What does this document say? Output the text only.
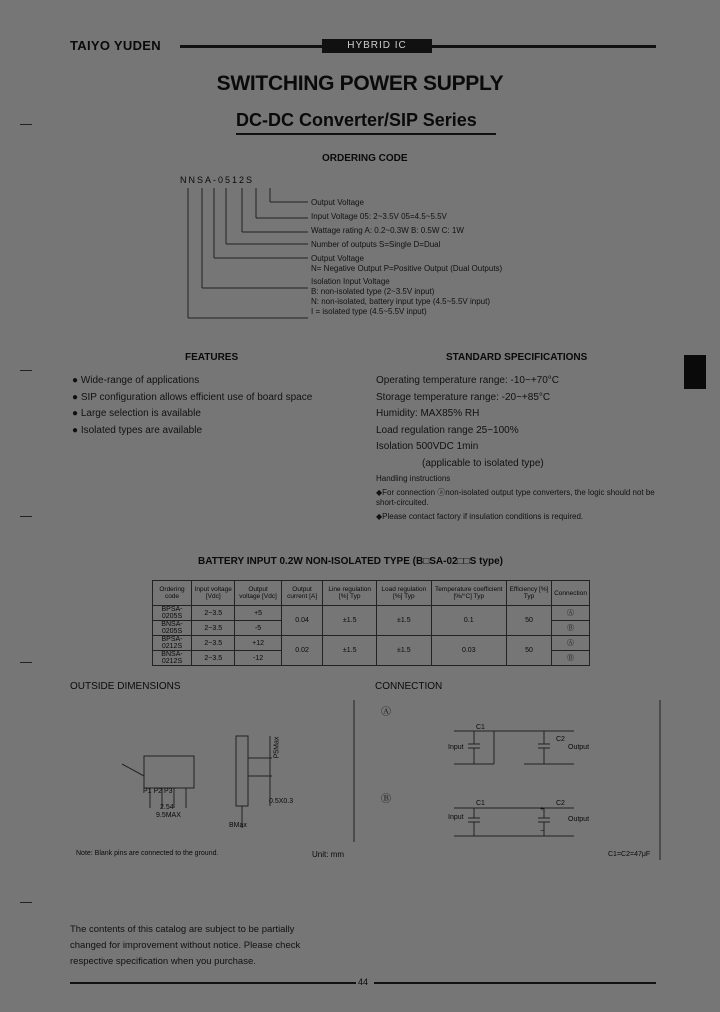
TAIYO YUDEN	HYBRID IC
SWITCHING POWER SUPPLY
DC-DC Converter/SIP Series
ORDERING CODE
NNSA-0512S
Output Voltage
Input Voltage 05: 2~3.5V 05=4.5~5.5V
Wattage rating A: 0.2~0.3W B: 0.5W C: 1W
Number of outputs S=Single D=Dual
Output Voltage
N= Negative Output P=Positive Output (Dual Outputs)
Isolation Input Voltage
B: non-isolated type (2~3.5V input)
N: non-isolated, battery input type (4.5~5.5V input)
I = isolated type (4.5~5.5V input)
FEATURES
● Wide-range of applications
● SIP configuration allows efficient use of board space
● Large selection is available
● Isolated types are available
STANDARD SPECIFICATIONS
Operating temperature range: -10~+70°C
Storage temperature range: -20~+85°C
Humidity: MAX85% RH
Load regulation range 25~100%
Isolation 500VDC 1min
(applicable to isolated type)
Handling instructions
◆For connection ⓐnon-isolated output type converters, the logic should not be short-circuited.
◆Please contact factory if insulation conditions is required.
BATTERY INPUT 0.2W NON-ISOLATED TYPE (B□SA-02□□S type)
Ordering code	Input voltage [Vdc]	Output voltage [Vdc]	Output current [A]	Line regulation [%] Typ	Load regulation [%] Typ	Temperature coefficient [%/°C] Typ	Efficiency [%] Typ	Connection
BPSA-0205S	2~3.5	+5	0.04	±1.5	±1.5	0.1	50	Ⓐ
BNSA-0205S	2~3.5	-5						Ⓑ
BPSA-0212S	2~3.5	+12	0.02	±1.5	±1.5	0.03	50	Ⓐ
BNSA-0212S	2~3.5	-12						Ⓑ
OUTSIDE DIMENSIONS
P1 P2 P3
2.54
9.5MAX
0.5X0.3
BMax
P5Max
Note: Blank pins are connected to the ground.	Unit: mm
CONNECTION
Ⓐ
Ⓑ
Input	Output
C1
C2
Input	Output
C1	C2
−
+
C1=C2=47μF
The contents of this catalog are subject to be partially
changed for improvement without notice. Please check
respective specification when you purchase.
44
